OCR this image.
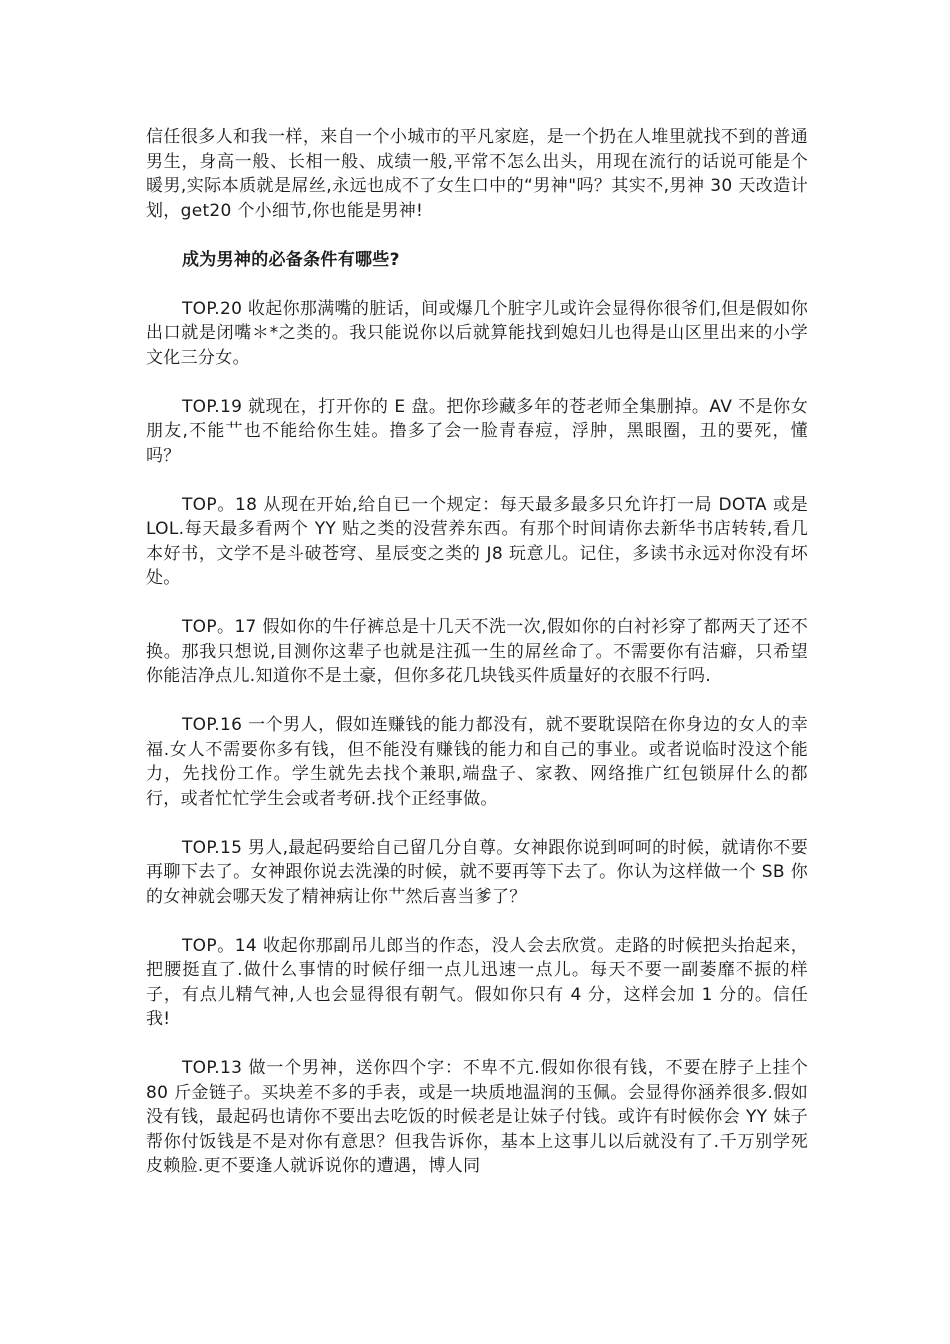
信任很多人和我一样，来自一个小城市的平凡家庭，是一个扔在人堆里就找不到的普通男生，身高一般、长相一般、成绩一般,平常不怎么出头，用现在流行的话说可能是个暖男,实际本质就是屌丝,永远也成不了女生口中的“男神"吗？其实不,男神 30 天改造计划，get20 个小细节,你也能是男神!

成为男神的必备条件有哪些?

TOP.20 收起你那满嘴的脏话，间或爆几个脏字儿或许会显得你很爷们,但是假如你出口就是闭嘴＊*之类的。我只能说你以后就算能找到媳妇儿也得是山区里出来的小学文化三分女。

TOP.19 就现在，打开你的 E 盘。把你珍藏多年的苍老师全集删掉。AV 不是你女朋友,不能艹也不能给你生娃。撸多了会一脸青春痘，浮肿，黑眼圈，丑的要死，懂吗？

TOP。18 从现在开始,给自已一个规定：每天最多最多只允许打一局 DOTA 或是 LOL.每天最多看两个 YY 贴之类的没营养东西。有那个时间请你去新华书店转转,看几本好书，文学不是斗破苍穹、星辰变之类的 J8 玩意儿。记住，多读书永远对你没有坏处。

TOP。17 假如你的牛仔裤总是十几天不洗一次,假如你的白衬衫穿了都两天了还不换。那我只想说,目测你这辈子也就是注孤一生的屌丝命了。不需要你有洁癖，只希望你能洁净点儿.知道你不是土豪，但你多花几块钱买件质量好的衣服不行吗.

TOP.16 一个男人，假如连赚钱的能力都没有，就不要耽误陪在你身边的女人的幸福.女人不需要你多有钱，但不能没有赚钱的能力和自己的事业。或者说临时没这个能力，先找份工作。学生就先去找个兼职,端盘子、家教、网络推广红包锁屏什么的都行，或者忙忙学生会或者考研.找个正经事做。

TOP.15 男人,最起码要给自己留几分自尊。女神跟你说到呵呵的时候，就请你不要再聊下去了。女神跟你说去洗澡的时候，就不要再等下去了。你认为这样做一个 SB 你的女神就会哪天发了精神病让你艹然后喜当爹了？

TOP。14 收起你那副吊儿郎当的作态，没人会去欣赏。走路的时候把头抬起来，把腰挺直了.做什么事情的时候仔细一点儿迅速一点儿。每天不要一副萎靡不振的样子，有点儿精气神,人也会显得很有朝气。假如你只有 4 分，这样会加 1 分的。信任我!

TOP.13 做一个男神，送你四个字：不卑不亢.假如你很有钱，不要在脖子上挂个 80 斤金链子。买块差不多的手表，或是一块质地温润的玉佩。会显得你涵养很多.假如没有钱，最起码也请你不要出去吃饭的时候老是让妹子付钱。或许有时候你会 YY 妹子帮你付饭钱是不是对你有意思？但我告诉你，基本上这事儿以后就没有了.千万别学死皮赖脸.更不要逢人就诉说你的遭遇，博人同
